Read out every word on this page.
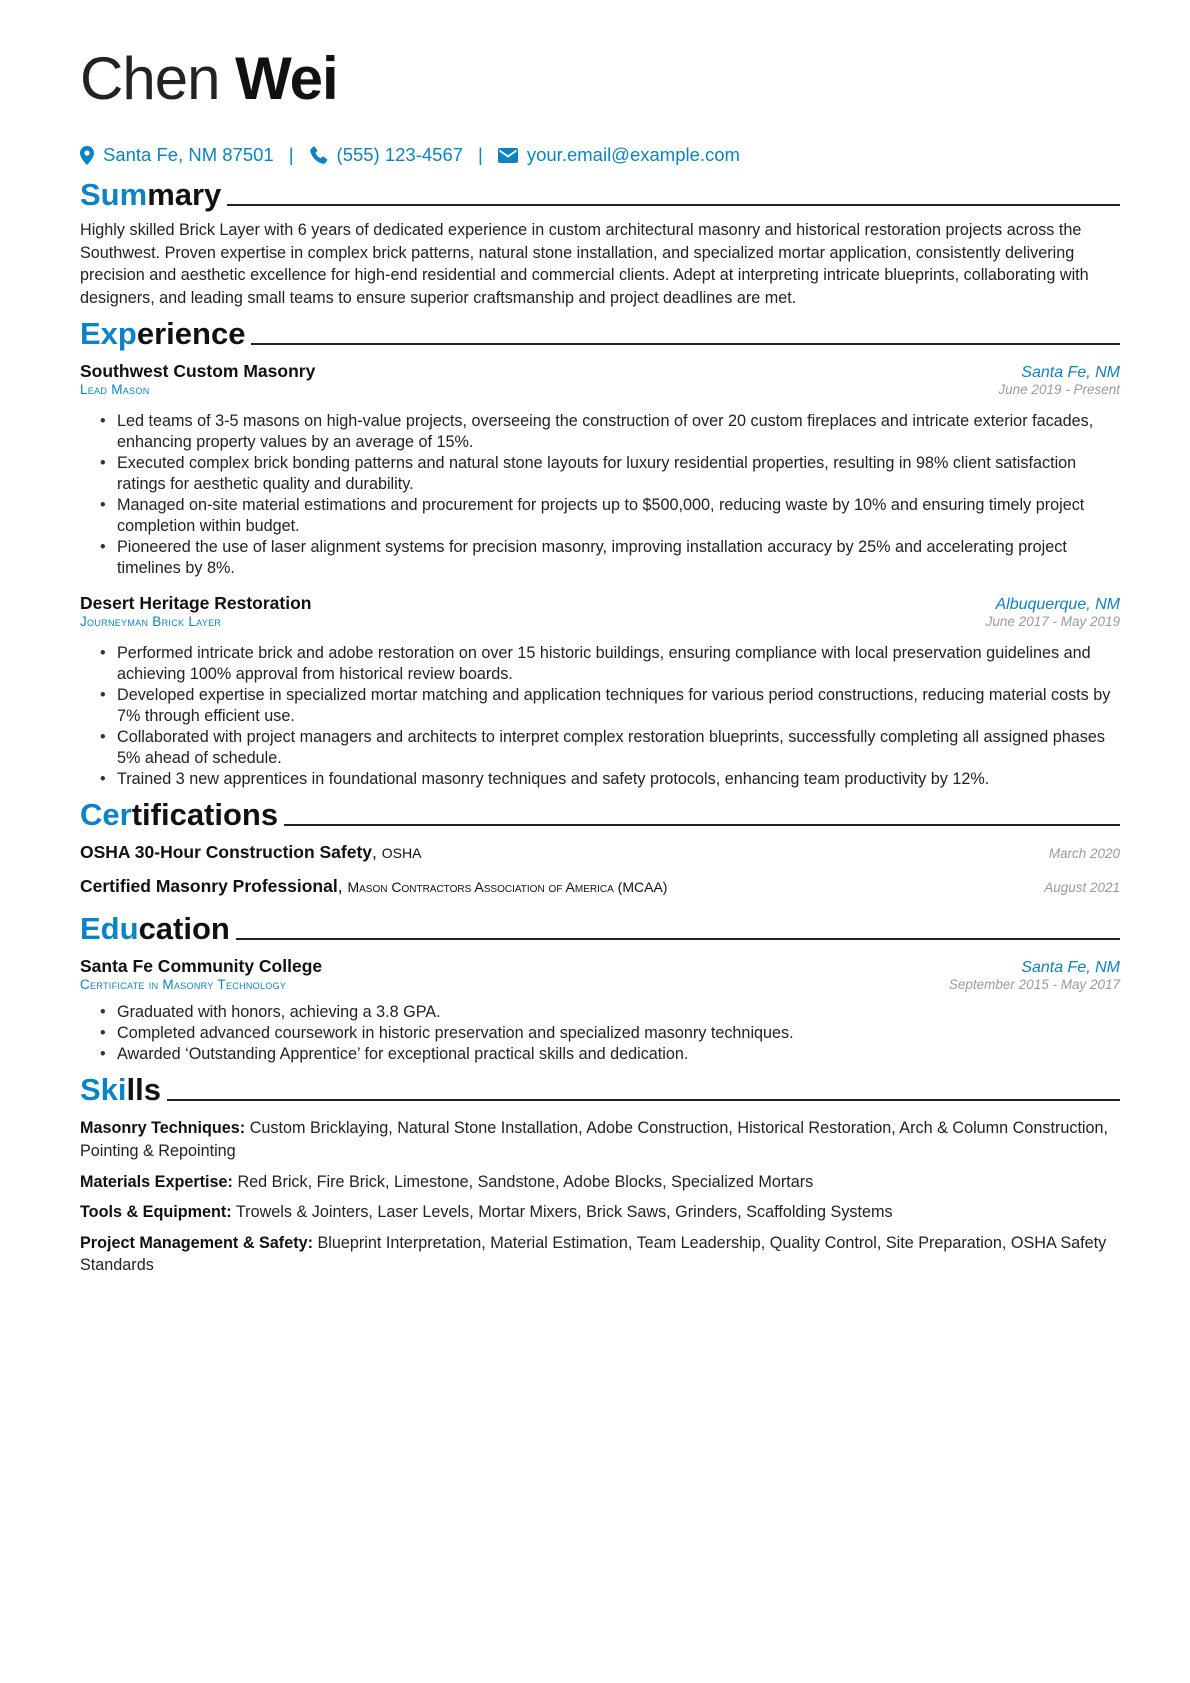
Chen Wei
Santa Fe, NM 87501 | (555) 123-4567 | your.email@example.com
Summary
Highly skilled Brick Layer with 6 years of dedicated experience in custom architectural masonry and historical restoration projects across the Southwest. Proven expertise in complex brick patterns, natural stone installation, and specialized mortar application, consistently delivering precision and aesthetic excellence for high-end residential and commercial clients. Adept at interpreting intricate blueprints, collaborating with designers, and leading small teams to ensure superior craftsmanship and project deadlines are met.
Experience
Southwest Custom Masonry	Santa Fe, NM
Lead Mason	June 2019 - Present
• Led teams of 3-5 masons on high-value projects, overseeing the construction of over 20 custom fireplaces and intricate exterior facades, enhancing property values by an average of 15%.
• Executed complex brick bonding patterns and natural stone layouts for luxury residential properties, resulting in 98% client satisfaction ratings for aesthetic quality and durability.
• Managed on-site material estimations and procurement for projects up to $500,000, reducing waste by 10% and ensuring timely project completion within budget.
• Pioneered the use of laser alignment systems for precision masonry, improving installation accuracy by 25% and accelerating project timelines by 8%.
Desert Heritage Restoration	Albuquerque, NM
Journeyman Brick Layer	June 2017 - May 2019
• Performed intricate brick and adobe restoration on over 15 historic buildings, ensuring compliance with local preservation guidelines and achieving 100% approval from historical review boards.
• Developed expertise in specialized mortar matching and application techniques for various period constructions, reducing material costs by 7% through efficient use.
• Collaborated with project managers and architects to interpret complex restoration blueprints, successfully completing all assigned phases 5% ahead of schedule.
• Trained 3 new apprentices in foundational masonry techniques and safety protocols, enhancing team productivity by 12%.
Certifications
OSHA 30-Hour Construction Safety, OSHA	March 2020
Certified Masonry Professional, Mason Contractors Association of America (MCAA)	August 2021
Education
Santa Fe Community College	Santa Fe, NM
Certificate in Masonry Technology	September 2015 - May 2017
• Graduated with honors, achieving a 3.8 GPA.
• Completed advanced coursework in historic preservation and specialized masonry techniques.
• Awarded ‘Outstanding Apprentice’ for exceptional practical skills and dedication.
Skills
Masonry Techniques: Custom Bricklaying, Natural Stone Installation, Adobe Construction, Historical Restoration, Arch & Column Construction, Pointing & Repointing
Materials Expertise: Red Brick, Fire Brick, Limestone, Sandstone, Adobe Blocks, Specialized Mortars
Tools & Equipment: Trowels & Jointers, Laser Levels, Mortar Mixers, Brick Saws, Grinders, Scaffolding Systems
Project Management & Safety: Blueprint Interpretation, Material Estimation, Team Leadership, Quality Control, Site Preparation, OSHA Safety Standards
